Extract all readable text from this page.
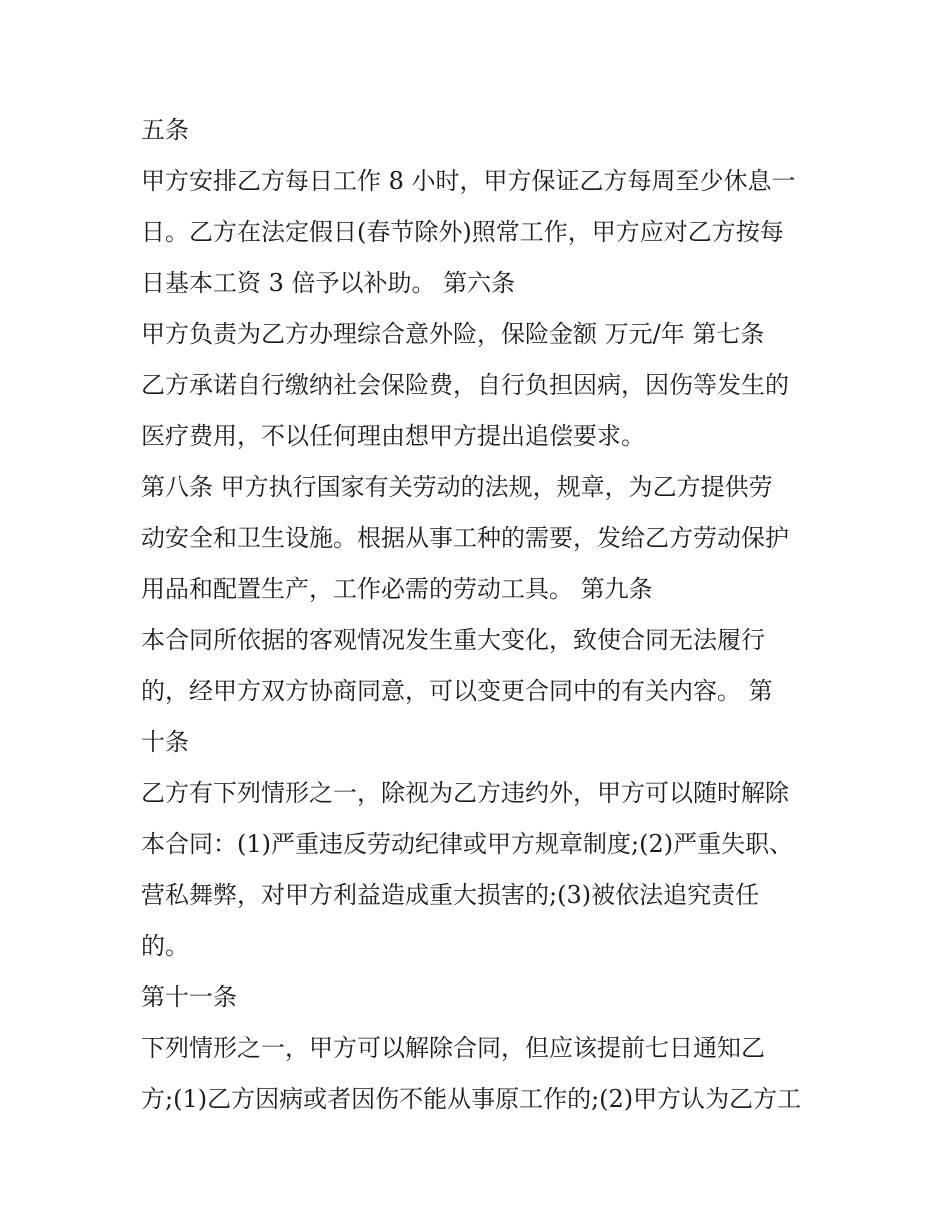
五条
甲方安排乙方每日工作 8 小时，甲方保证乙方每周至少休息一
日。乙方在法定假日(春节除外)照常工作，甲方应对乙方按每
日基本工资 3 倍予以补助。 第六条
甲方负责为乙方办理综合意外险，保险金额 万元/年 第七条
乙方承诺自行缴纳社会保险费，自行负担因病，因伤等发生的
医疗费用，不以任何理由想甲方提出追偿要求。
第八条 甲方执行国家有关劳动的法规，规章，为乙方提供劳
动安全和卫生设施。根据从事工种的需要，发给乙方劳动保护
用品和配置生产，工作必需的劳动工具。 第九条
本合同所依据的客观情况发生重大变化，致使合同无法履行
的，经甲方双方协商同意，可以变更合同中的有关内容。 第
十条
乙方有下列情形之一，除视为乙方违约外，甲方可以随时解除
本合同：(1)严重违反劳动纪律或甲方规章制度;(2)严重失职、
营私舞弊，对甲方利益造成重大损害的;(3)被依法追究责任
的。
第十一条
下列情形之一，甲方可以解除合同，但应该提前七日通知乙
方;(1)乙方因病或者因伤不能从事原工作的;(2)甲方认为乙方工
